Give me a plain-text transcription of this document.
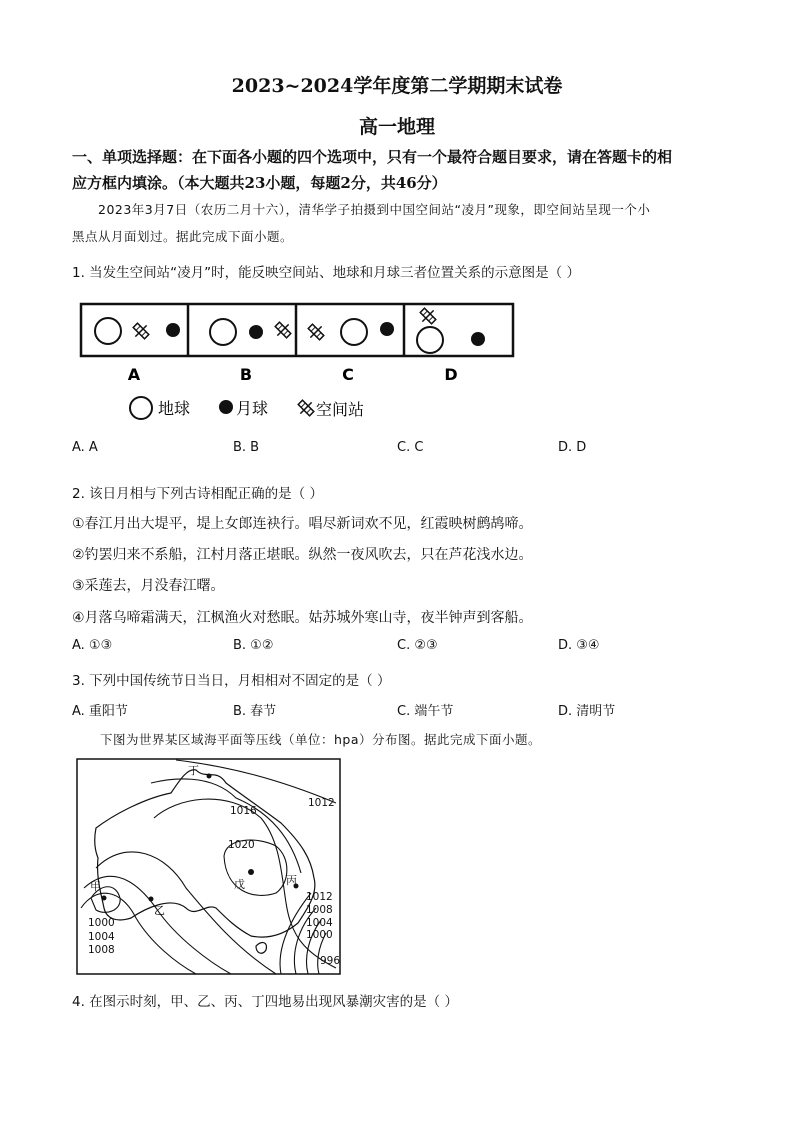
2023~2024学年度第二学期期末试卷
高一地理
一、单项选择题：在下面各小题的四个选项中，只有一个最符合题目要求，请在答题卡的相
应方框内填涂。（本大题共23小题，每题2分，共46分）
2023年3月7日（农历二月十六），清华学子拍摄到中国空间站“凌月”现象，即空间站呈现一个小
黑点从月面划过。据此完成下面小题。
1. 当发生空间站“凌月”时，能反映空间站、地球和月球三者位置关系的示意图是（ ）
A	B	C	D
地球	月球	空间站
A. A	B. B	C. C	D. D
2. 该日月相与下列古诗相配正确的是（ ）
①春江月出大堤平，堤上女郎连袂行。唱尽新词欢不见，红霞映树鹧鸪啼。
②钓罢归来不系船，江村月落正堪眠。纵然一夜风吹去，只在芦花浅水边。
③采莲去，月没春江曙。
④月落乌啼霜满天，江枫渔火对愁眠。姑苏城外寒山寺，夜半钟声到客船。
A. ①③	B. ①②	C. ②③	D. ③④
3. 下列中国传统节日当日，月相相对不固定的是（ ）
A. 重阳节	B. 春节	C. 端午节	D. 清明节
下图为世界某区域海平面等压线（单位：hpa）分布图。据此完成下面小题。
丁
甲
乙
丙
戊
1012
1016
1020
1012
1008
1004
1000
1000
1004
1008
996
4. 在图示时刻，甲、乙、丙、丁四地易出现风暴潮灾害的是（ ）
